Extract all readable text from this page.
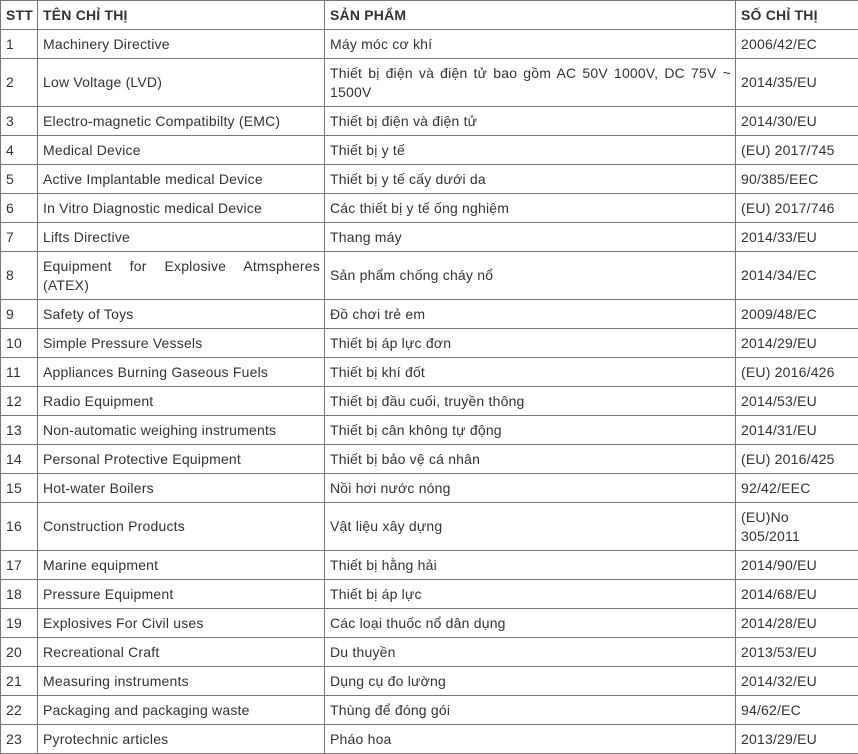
STT	TÊN CHỈ THỊ	SẢN PHẨM	SỐ CHỈ THỊ
1	Machinery Directive	Máy móc cơ khí	2006/42/EC
2	Low Voltage (LVD)	Thiết bị điện và điện tử bao gồm AC 50V 1000V, DC 75V ~ 1500V	2014/35/EU
3	Electro-magnetic Compatibilty (EMC)	Thiết bị điện và điện tử	2014/30/EU
4	Medical Device	Thiết bị y tế	(EU) 2017/745
5	Active Implantable medical Device	Thiết bị y tế cấy dưới da	90/385/EEC
6	In Vitro Diagnostic medical Device	Các thiết bị y tế ống nghiệm	(EU) 2017/746
7	Lifts Directive	Thang máy	2014/33/EU
8	Equipment for Explosive Atmspheres (ATEX)	Sản phẩm chống cháy nổ	2014/34/EC
9	Safety of Toys	Đồ chơi trẻ em	2009/48/EC
10	Simple Pressure Vessels	Thiết bị áp lực đơn	2014/29/EU
11	Appliances Burning Gaseous Fuels	Thiết bị khí đốt	(EU) 2016/426
12	Radio Equipment	Thiết bị đầu cuối, truyền thông	2014/53/EU
13	Non-automatic weighing instruments	Thiết bị cân không tự động	2014/31/EU
14	Personal Protective Equipment	Thiết bị bảo vệ cá nhân	(EU) 2016/425
15	Hot-water Boilers	Nồi hơi nước nóng	92/42/EEC
16	Construction Products	Vật liệu xây dựng	(EU)No 305/2011
17	Marine equipment	Thiết bị hằng hải	2014/90/EU
18	Pressure Equipment	Thiết bị áp lực	2014/68/EU
19	Explosives For Civil uses	Các loại thuốc nổ dân dụng	2014/28/EU
20	Recreational Craft	Du thuyền	2013/53/EU
21	Measuring instruments	Dụng cụ đo lường	2014/32/EU
22	Packaging and packaging waste	Thùng để đóng gói	94/62/EC
23	Pyrotechnic articles	Pháo hoa	2013/29/EU
